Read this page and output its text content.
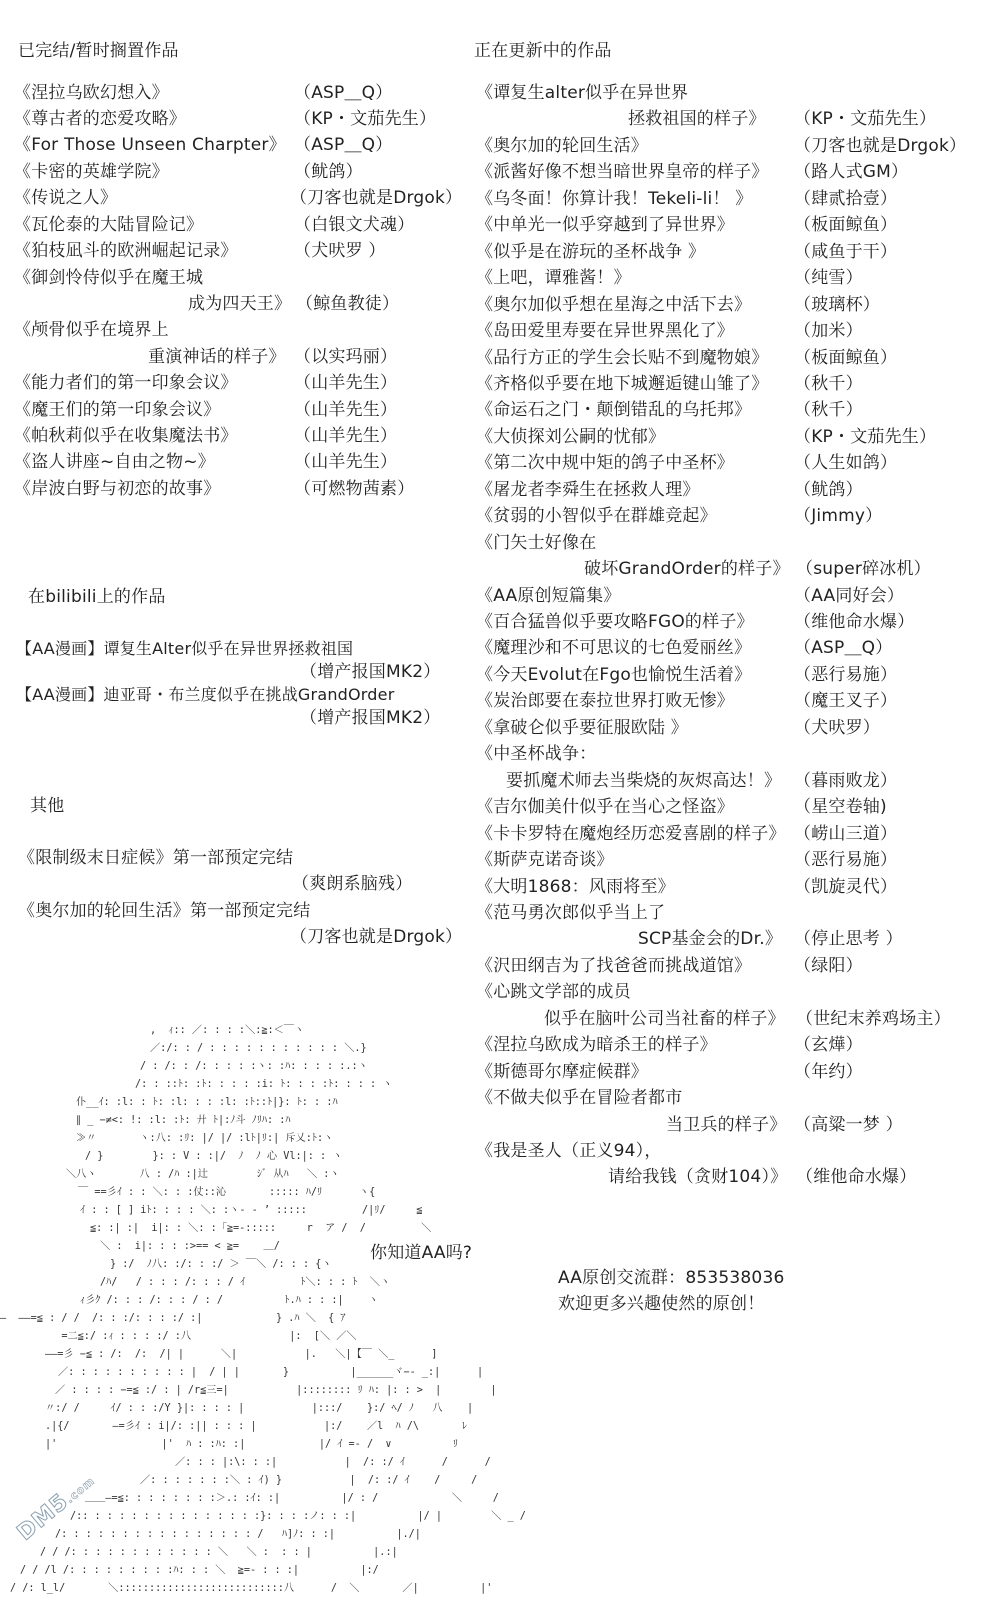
已完结/暂时搁置作品
《涅拉乌欧幻想入》	（ASP＿Q）
《尊古者的恋爱攻略》	（KP・文茄先生）
《For Those Unseen Charpter》 （ASP＿Q）
《卡密的英雄学院》	（鱿鸽）
《传说之人》	（刀客也就是Drgok）
《瓦伦泰的大陆冒险记》	（白银文犬魂）
《狛枝凪斗的欧洲崛起记录》	（犬吠罗 ）
《御剑怜侍似乎在魔王城
成为四天王》 （鲸鱼教徒）
《颅骨似乎在境界上
重演神话的样子》 （以实玛丽）
《能力者们的第一印象会议》	（山羊先生）
《魔王们的第一印象会议》	（山羊先生）
《帕秋莉似乎在收集魔法书》	（山羊先生）
《盗人讲座~自由之物~》	（山羊先生）
《岸波白野与初恋的故事》	（可燃物茜素）
在bilibili上的作品
【AA漫画】谭复生Alter似乎在异世界拯救祖国
（增产报国MK2）
【AA漫画】迪亚哥・布兰度似乎在挑战GrandOrder
（增产报国MK2）
其他
《限制级末日症候》第一部预定完结
（爽朗系脑残）
《奥尔加的轮回生活》第一部预定完结
（刀客也就是Drgok）
你知道AA吗?
正在更新中的作品
《谭复生alter似乎在异世界
拯救祖国的样子》 （KP・文茄先生）
《奥尔加的轮回生活》	（刀客也就是Drgok）
《派酱好像不想当暗世界皇帝的样子》 （路人式GM）
《乌冬面！你算计我！Tekeli-li！ 》 （肆贰拾壹）
《中单光一似乎穿越到了异世界》	（板面鲸鱼）
《似乎是在游玩的圣杯战争 》	（咸鱼于干）
《上吧，谭雅酱！》	（纯雪）
《奥尔加似乎想在星海之中活下去》	（玻璃杯）
《岛田爱里寿要在异世界黑化了》	（加米）
《品行方正的学生会长贴不到魔物娘》 （板面鲸鱼）
《齐格似乎要在地下城邂逅键山雏了》 （秋千）
《命运石之门・颠倒错乱的乌托邦》	（秋千）
《大侦探刘公嗣的忧郁》	（KP・文茄先生）
《第二次中规中矩的鸽子中圣杯》	（人生如鸽）
《屠龙者李舜生在拯救人理》	（鱿鸽）
《贫弱的小智似乎在群雄竞起》	（Jimmy）
《门矢士好像在
破坏GrandOrder的样子》 （super碎冰机）
《AA原创短篇集》	（AA同好会）
《百合猛兽似乎要攻略FGO的样子》 （维他命水爆）
《魔理沙和不可思议的七色爱丽丝》	（ASP＿Q）
《今天Evolut在Fgo也愉悦生活着》	（恶行易施）
《炭治郎要在泰拉世界打败无惨》	（魔王叉子）
《拿破仑似乎要征服欧陆 》	（犬吠罗）
《中圣杯战争：
要抓魔术师去当柴烧的灰烬高达！》 （暮雨败龙）
《吉尔伽美什似乎在当心之怪盗》	（星空卷轴)
《卡卡罗特在魔炮经历恋爱喜剧的样子》 （崂山三道）
《斯萨克诺奇谈》	（恶行易施）
《大明1868：风雨将至》	（凯旋灵代）
《范马勇次郎似乎当上了
SCP基金会的Dr.》 （停止思考 ）
《沢田纲吉为了找爸爸而挑战道馆》	（绿阳）
《心跳文学部的成员
似乎在脑叶公司当社畜的样子》 （世纪末养鸡场主）
《涅拉乌欧成为暗杀王的样子》	（玄燁）
《斯德哥尔摩症候群》	（年约）
《不做夫似乎在冒险者都市
当卫兵的样子》 （高粱一梦 ）
《我是圣人（正义94），
请给我钱（贪财104）》 （维他命水爆）
AA原创交流群：853538036
欢迎更多兴趣使然的原创！
,  ｨ:: ／: : : :＼:≧:＜￣ヽ
／:/: : / : : : : : : : : : : : ＼.}
/ : /: : /: : : : :ヽ: :ﾊ: : : : :.:ヽ
/: : ::ﾄ: :ﾄ: : : : :i: ﾄ: : : :ﾄ: : : : ヽ
仆__ｲ: :l: : ﾄ: :l: : : :l: :ﾄ::ﾄ|}: ﾄ: : :ﾊ
∥ _ −≠<: !: :l: :ﾄ: 廾 ﾄ|:ﾉ斗 ﾉﾘﾊ: :ﾊ
≫〃       ヽ:八: :ﾘ: |/ |/ :lﾄ|ﾘ:| 斥乂:ﾄ:ヽ
/ }        }: : V : :|/  ﾉ  ﾉ 心 Vl:|: : ヽ
＼八ヽ       八 : /ﾊ :|辻        ｼﾞ 从ﾊ   ＼ :ヽ
￣ ==彡ｲ : : ＼: : :仗::沁       ::::: ﾊ/ﾘ      ヽ{
ｲ : : [ ] iﾄ: : : : ＼: :ヽ- ‐ ’ :::::         /|ﾘ/     ≦
≦: :| :|  i|: : ＼: :「≧=-:::::     r  ア /  /         ＼
＼ :  i|: : : :>== < ≧=    ＿/
} :/  ﾉ八: :/: : :/ ＞ ￣＼ /: : : {ヽ
/ﾊ/   / : : : /: : : / ｲ         ﾄ＼: : : ﾄ  ＼ヽ
ｨ彡ｸ /: : : /: : : / : /          ﾄ.ﾊ : : :|    ヽ
—  ——=≦ : / /  /: : :/: : : :/ :|            } .ﾊ ＼  { ｱ
=二≦:/ :ｨ : : : :/ :八                |:  [＼ ／＼
——=彡 −≦ : /:  /:  /| |      ＼|           |.   ＼|【￣ ＼_      ]
／: : : : : : : : : : |  / | |       }          |______ヾ−- _:|      |
／ : : : : −=≦ :/ : | /r≦三=|           |:::::::: ﾘ ﾊ: |: : >  |        |
〃:/ /     ｲ/ : : :/Y }|: : : : |           |:::/    }:/ ﾍ/ ﾉ   八    |
.|{/       —=彡ｲ : i|/: :|| : : : |           |:/    ／l  ﾊ /\       ﾚ
|'                 |'  ﾊ : :ﾊ: :|            |/ ｲ =- /  ∨          ﾘ
／: : : |:\: : :|           |  /: :/ ｲ      /      /
／: : : : : : :＼ : ｲ) }           |  /: :/ ｲ    /     /
＿＿—=≦: : : : : : : :＞.: :ｲ: :|          |/ : /            ＼     /
/:: : : : : : : : : : : : : : :}: : : :ノ: : :|          |/ |        ＼ _ /
/: : : : : : : : : : : : : : : : /   ﾊ]ﾉ: : :|          |./|
/ / /: : : : : : : : : : : : ＼   ＼ :  : : |          |.:|
/ / /l /: : : : : : : : :ﾊ: : : ＼  ≧=- : : :|          |:/
/ /: l_l/       ＼:::::::::::::::::::::::::::八      /  ＼       ／|          |'
DM5.com
